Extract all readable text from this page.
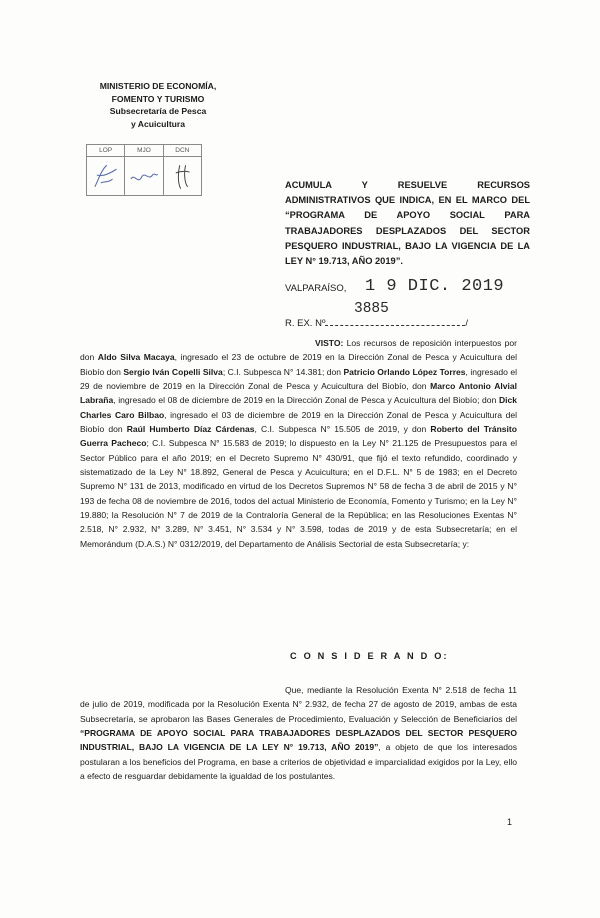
MINISTERIO DE ECONOMÍA,
FOMENTO Y TURISMO
Subsecretaría de Pesca
y Acuicultura
LOP	MJO	DCN
ACUMULA Y RESUELVE RECURSOS ADMINISTRATIVOS QUE INDICA, EN EL MARCO DEL “PROGRAMA DE APOYO SOCIAL PARA TRABAJADORES DESPLAZADOS DEL SECTOR PESQUERO INDUSTRIAL, BAJO LA VIGENCIA DE LA LEY N° 19.713, AÑO 2019”.
VALPARAÍSO, 1 9 DIC. 2019
R. EX. Nº	/
3885
VISTO: Los recursos de reposición interpuestos por don Aldo Silva Macaya, ingresado el 23 de octubre de 2019 en la Dirección Zonal de Pesca y Acuicultura del Biobío don Sergio Iván Copelli Silva; C.I. Subpesca N° 14.381; don Patricio Orlando López Torres, ingresado el 29 de noviembre de 2019 en la Dirección Zonal de Pesca y Acuicultura del Biobío, don Marco Antonio Alvial Labraña, ingresado el 08 de diciembre de 2019 en la Dirección Zonal de Pesca y Acuicultura del Biobío; don Dick Charles Caro Bilbao, ingresado el 03 de diciembre de 2019 en la Dirección Zonal de Pesca y Acuicultura del Biobío don Raúl Humberto Díaz Cárdenas, C.I. Subpesca N° 15.505 de 2019, y don Roberto del Tránsito Guerra Pacheco; C.I. Subpesca N° 15.583 de 2019; lo dispuesto en la Ley N° 21.125 de Presupuestos para el Sector Público para el año 2019; en el Decreto Supremo N° 430/91, que fijó el texto refundido, coordinado y sistematizado de la Ley N° 18.892, General de Pesca y Acuicultura; en el D.F.L. N° 5 de 1983; en el Decreto Supremo N° 131 de 2013, modificado en virtud de los Decretos Supremos N° 58 de fecha 3 de abril de 2015 y N° 193 de fecha 08 de noviembre de 2016, todos del actual Ministerio de Economía, Fomento y Turismo; en la Ley N° 19.880; la Resolución N° 7 de 2019 de la Contraloría General de la República; en las Resoluciones Exentas N° 2.518, N° 2.932, N° 3.289, N° 3.451, N° 3.534 y N° 3.598, todas de 2019 y de esta Subsecretaría; en el Memorándum (D.A.S.) N° 0312/2019, del Departamento de Análisis Sectorial de esta Subsecretaría; y:
C O N S I D E R A N D O:
Que, mediante la Resolución Exenta N° 2.518 de fecha 11 de julio de 2019, modificada por la Resolución Exenta N° 2.932, de fecha 27 de agosto de 2019, ambas de esta Subsecretaría, se aprobaron las Bases Generales de Procedimiento, Evaluación y Selección de Beneficiarios del “PROGRAMA DE APOYO SOCIAL PARA TRABAJADORES DESPLAZADOS DEL SECTOR PESQUERO INDUSTRIAL, BAJO LA VIGENCIA DE LA LEY N° 19.713, AÑO 2019”, a objeto de que los interesados postularan a los beneficios del Programa, en base a criterios de objetividad e imparcialidad exigidos por la Ley, ello a efecto de resguardar debidamente la igualdad de los postulantes.
1
